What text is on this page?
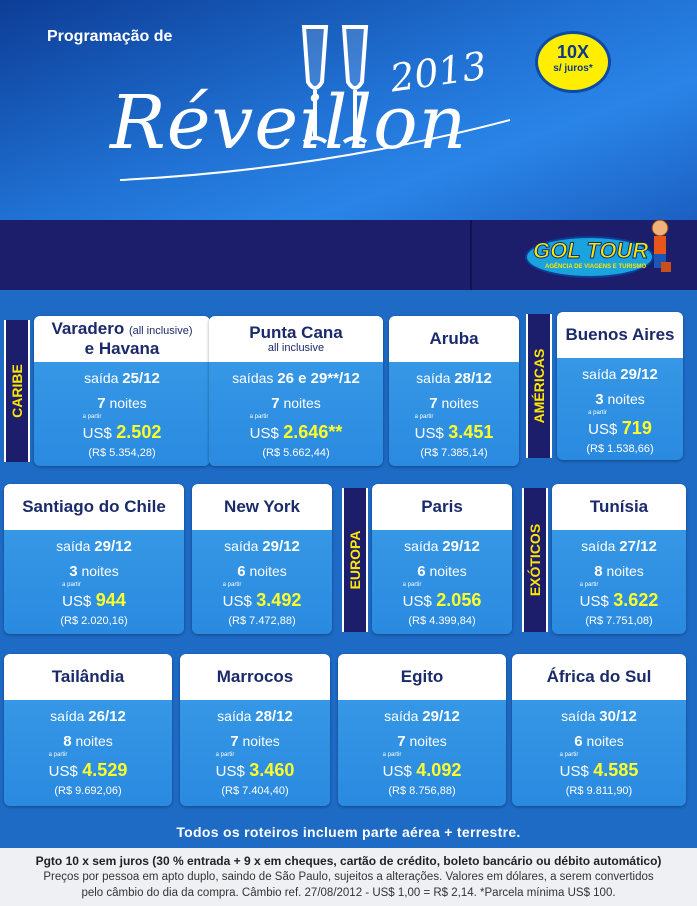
Programação de
Réveillon
2013	10X
s/ juros*
GOL TOUR
AGÊNCIA DE VIAGENS E TURISMO
CARIBE	AMÉRICAS
EUROPA	EXÓTICOS
Varadero (all inclusive)
e Havana
saída 25/12
7 noites
a partir
US$ 2.502
(R$ 5.354,28)
Punta Cana
all inclusive
saídas 26 e 29**/12
7 noites
a partir
US$ 2.646**
(R$ 5.662,44)
Aruba
saída 28/12
7 noites
a partir
US$ 3.451
(R$ 7.385,14)
Buenos Aires
saída 29/12
3 noites
a partir
US$ 719
(R$ 1.538,66)
Santiago do Chile
saída 29/12
3 noites
a partir
US$ 944
(R$ 2.020,16)
New York
saída 29/12
6 noites
a partir
US$ 3.492
(R$ 7.472,88)
Paris
saída 29/12
6 noites
a partir
US$ 2.056
(R$ 4.399,84)
Tunísia
saída 27/12
8 noites
a partir
US$ 3.622
(R$ 7.751,08)
Tailândia
saída 26/12
8 noites
a partir
US$ 4.529
(R$ 9.692,06)
Marrocos
saída 28/12
7 noites
a partir
US$ 3.460
(R$ 7.404,40)
Egito
saída 29/12
7 noites
a partir
US$ 4.092
(R$ 8.756,88)
África do Sul
saída 30/12
6 noites
a partir
US$ 4.585
(R$ 9.811,90)
Todos os roteiros incluem parte aérea + terrestre.
Pgto 10 x sem juros (30 % entrada + 9 x em cheques, cartão de crédito, boleto bancário ou débito automático)
Preços por pessoa em apto duplo, saindo de São Paulo, sujeitos a alterações. Valores em dólares, a serem convertidos
pelo câmbio do dia da compra. Câmbio ref. 27/08/2012 - US$ 1,00 = R$ 2,14. *Parcela mínima US$ 100.
